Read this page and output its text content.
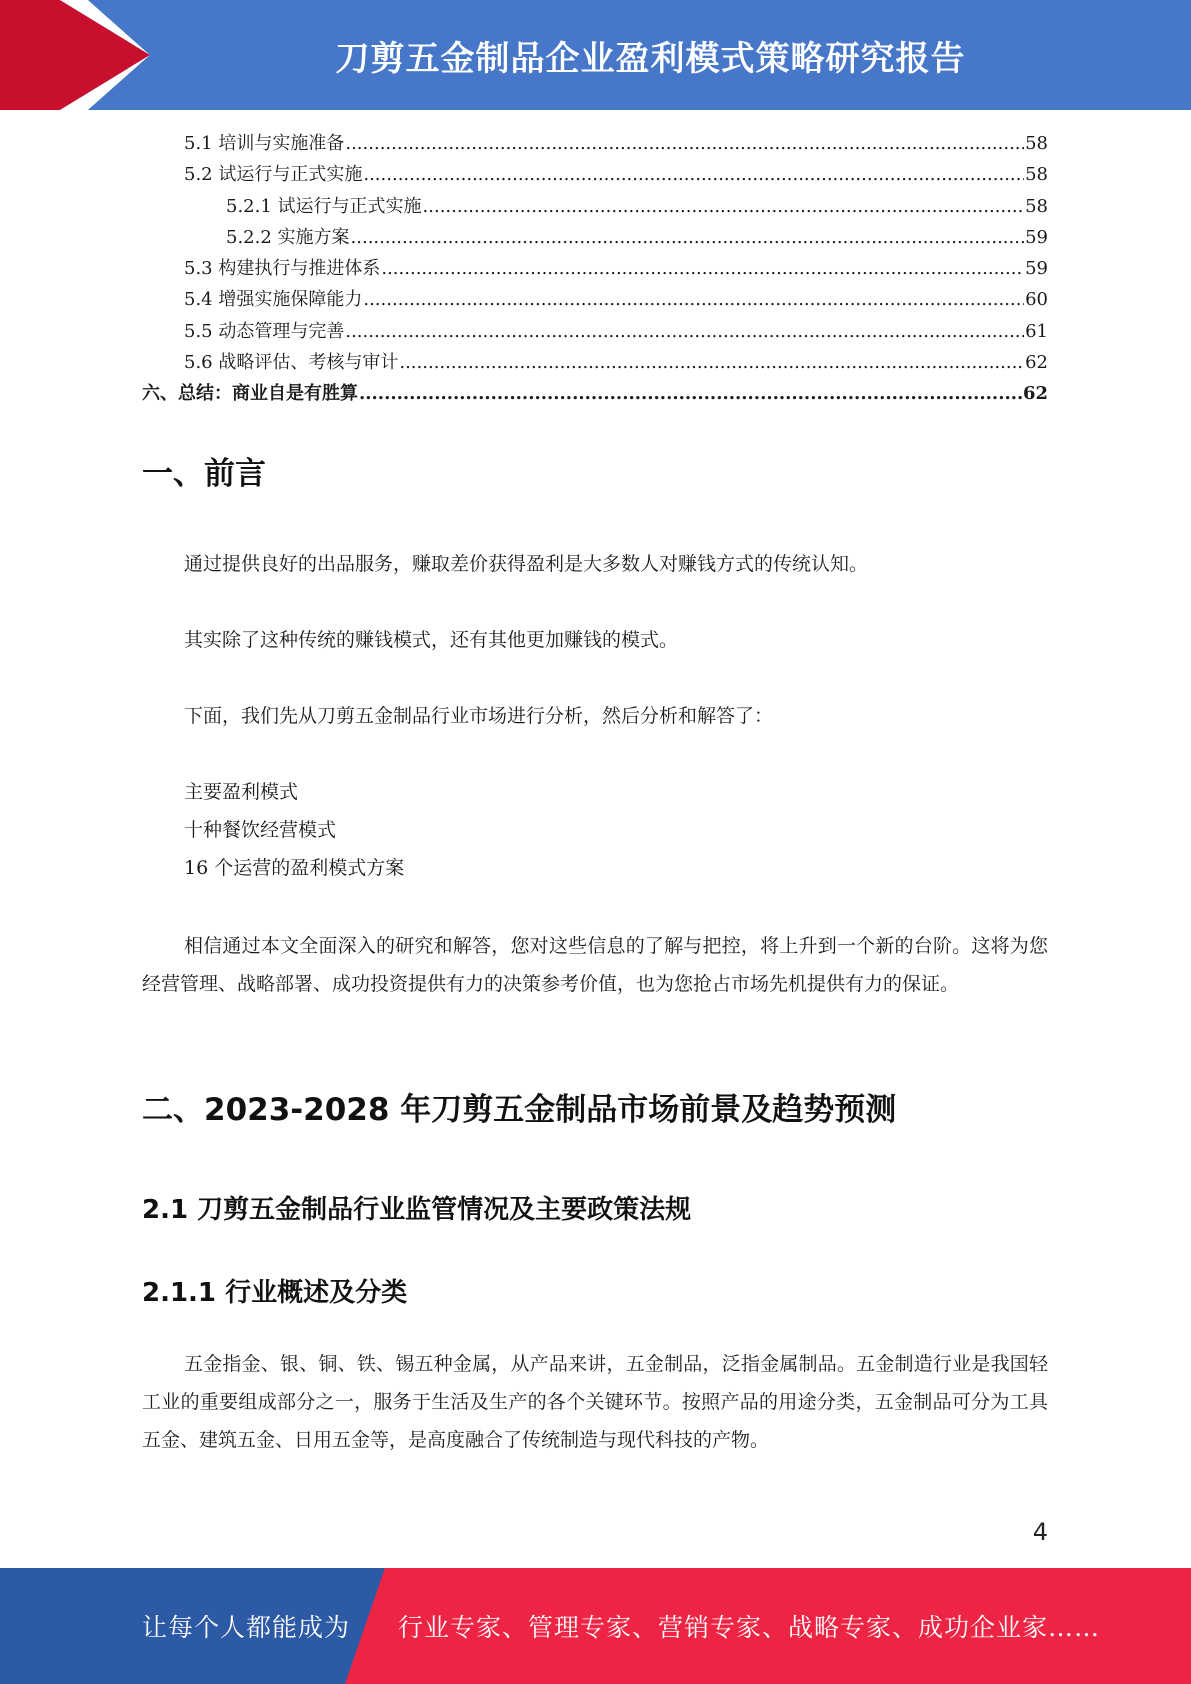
刀剪五金制品企业盈利模式策略研究报告
5.1 培训与实施准备 .....	58
5.2 试运行与正式实施 .....	58
5.2.1 试运行与正式实施 .....	58
5.2.2 实施方案 .....	59
5.3 构建执行与推进体系 .....	59
5.4 增强实施保障能力 .....	60
5.5 动态管理与完善 .....	61
5.6 战略评估、考核与审计 .....	62
六、总结：商业自是有胜算 .....	62
一、前言
通过提供良好的出品服务，赚取差价获得盈利是大多数人对赚钱方式的传统认知。
其实除了这种传统的赚钱模式，还有其他更加赚钱的模式。
下面，我们先从刀剪五金制品行业市场进行分析，然后分析和解答了：
主要盈利模式
十种餐饮经营模式
16 个运营的盈利模式方案
相信通过本文全面深入的研究和解答，您对这些信息的了解与把控，将上升到一个新的台阶。这将为您经营管理、战略部署、成功投资提供有力的决策参考价值，也为您抢占市场先机提供有力的保证。
二、2023-2028 年刀剪五金制品市场前景及趋势预测
2.1 刀剪五金制品行业监管情况及主要政策法规
2.1.1 行业概述及分类
五金指金、银、铜、铁、锡五种金属，从产品来讲，五金制品，泛指金属制品。五金制造行业是我国轻工业的重要组成部分之一，服务于生活及生产的各个关键环节。按照产品的用途分类，五金制品可分为工具五金、建筑五金、日用五金等，是高度融合了传统制造与现代科技的产物。
4
让每个人都能成为 行业专家、管理专家、营销专家、战略专家、成功企业家……
